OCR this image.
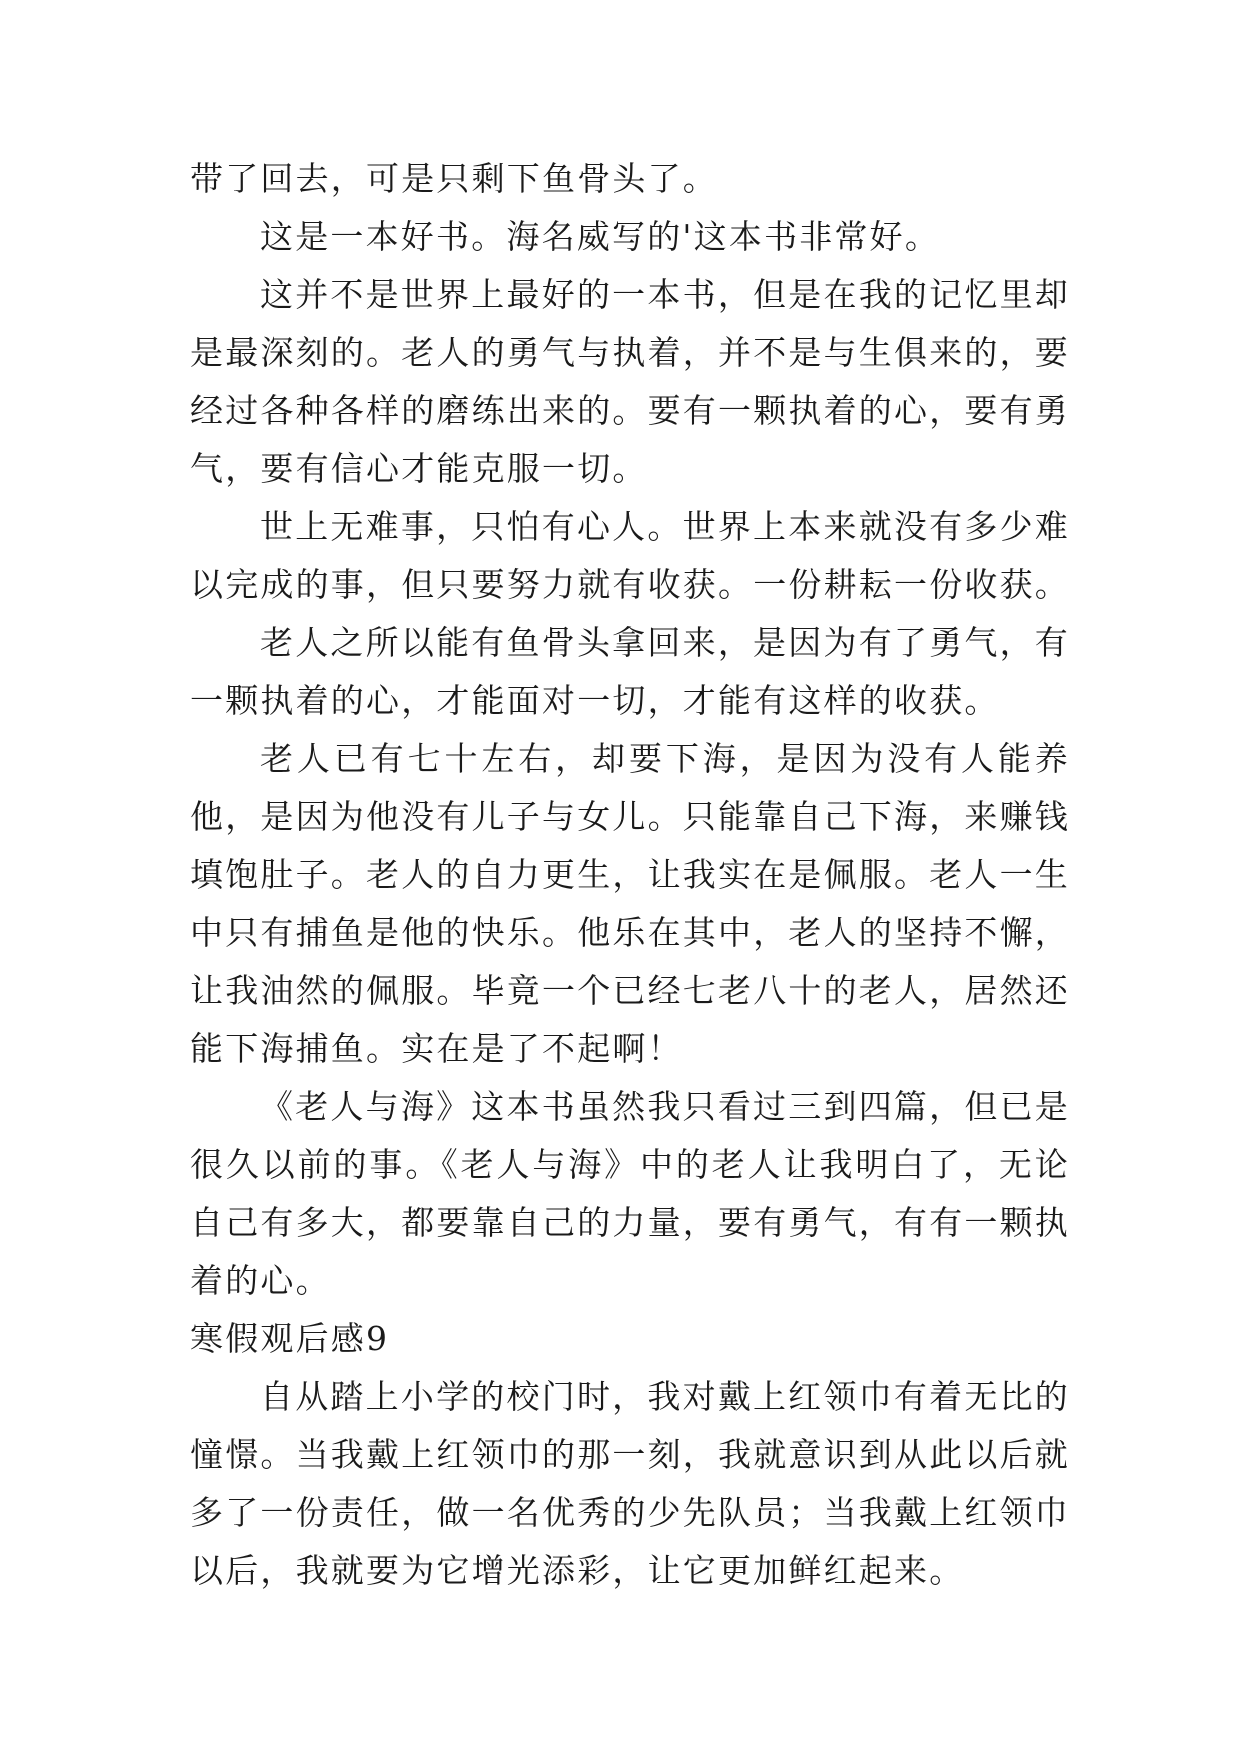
带了回去，可是只剩下鱼骨头了。

这是一本好书。海名威写的'这本书非常好。

这并不是世界上最好的一本书，但是在我的记忆里却是最深刻的。老人的勇气与执着，并不是与生俱来的，要经过各种各样的磨练出来的。要有一颗执着的心，要有勇气，要有信心才能克服一切。

世上无难事，只怕有心人。世界上本来就没有多少难以完成的事，但只要努力就有收获。一份耕耘一份收获。

老人之所以能有鱼骨头拿回来，是因为有了勇气，有一颗执着的心，才能面对一切，才能有这样的收获。

老人已有七十左右，却要下海，是因为没有人能养他，是因为他没有儿子与女儿。只能靠自己下海，来赚钱填饱肚子。老人的自力更生，让我实在是佩服。老人一生中只有捕鱼是他的快乐。他乐在其中，老人的坚持不懈，让我油然的佩服。毕竟一个已经七老八十的老人，居然还能下海捕鱼。实在是了不起啊！

《老人与海》这本书虽然我只看过三到四篇，但已是很久以前的事。《老人与海》中的老人让我明白了，无论自己有多大，都要靠自己的力量，要有勇气，有有一颗执着的心。

寒假观后感9

自从踏上小学的校门时，我对戴上红领巾有着无比的憧憬。当我戴上红领巾的那一刻，我就意识到从此以后就多了一份责任，做一名优秀的少先队员；当我戴上红领巾以后，我就要为它增光添彩，让它更加鲜红起来。
